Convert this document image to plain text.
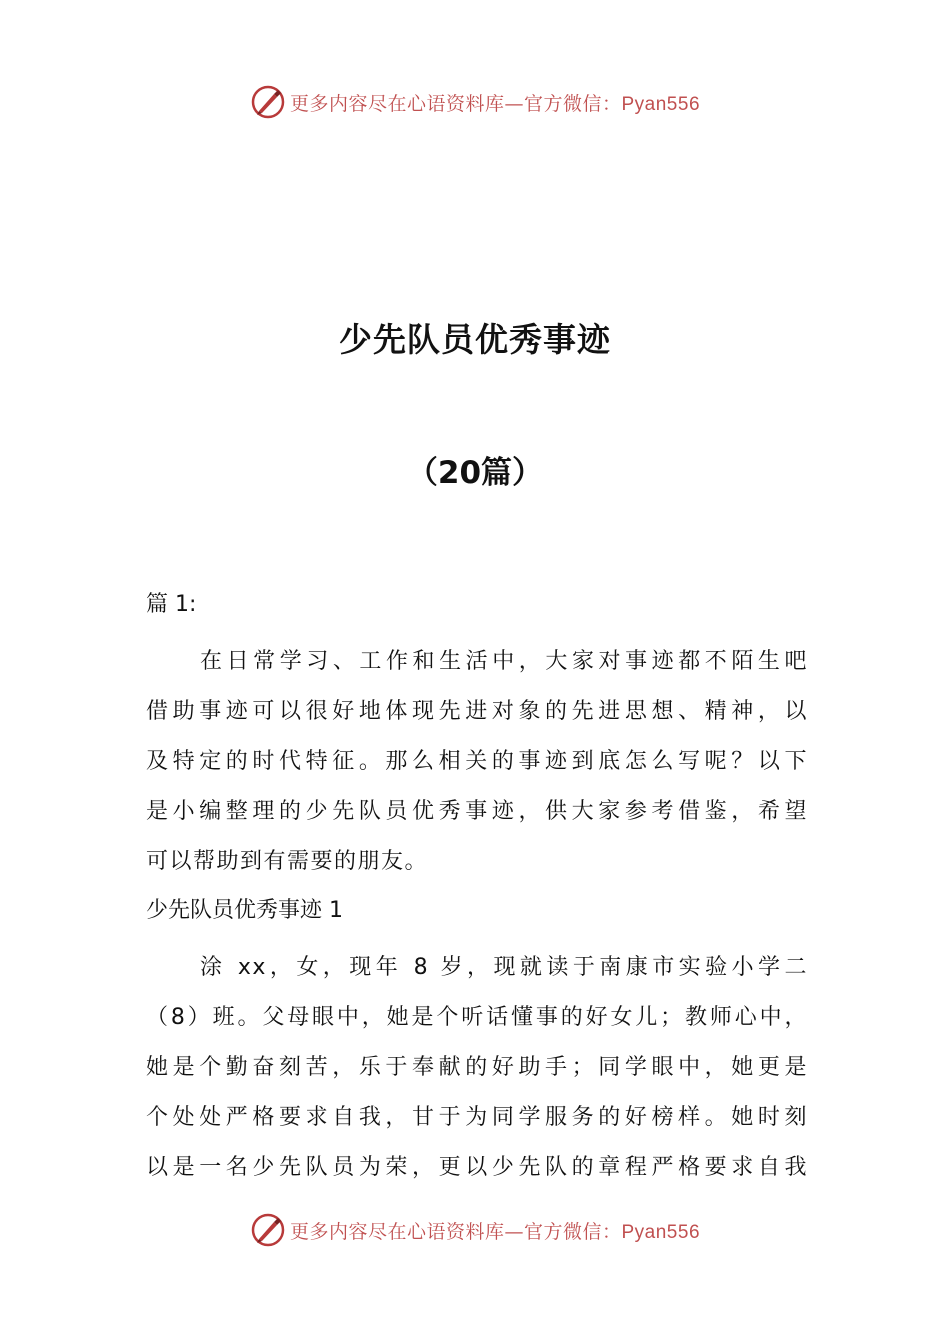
更多内容尽在心语资料库—官方微信：Pyan556
少先队员优秀事迹
（20篇）

篇 1:

在日常学习、工作和生活中，大家对事迹都不陌生吧

借助事迹可以很好地体现先进对象的先进思想、精神，以

及特定的时代特征。那么相关的事迹到底怎么写呢？以下

是小编整理的少先队员优秀事迹，供大家参考借鉴，希望

可以帮助到有需要的朋友。

少先队员优秀事迹 1

涂 xx，女，现年 8 岁，现就读于南康市实验小学二

（8）班。父母眼中，她是个听话懂事的好女儿；教师心中，

她是个勤奋刻苦，乐于奉献的好助手；同学眼中，她更是

个处处严格要求自我，甘于为同学服务的好榜样。她时刻

以是一名少先队员为荣，更以少先队的章程严格要求自我

更多内容尽在心语资料库—官方微信：Pyan556
